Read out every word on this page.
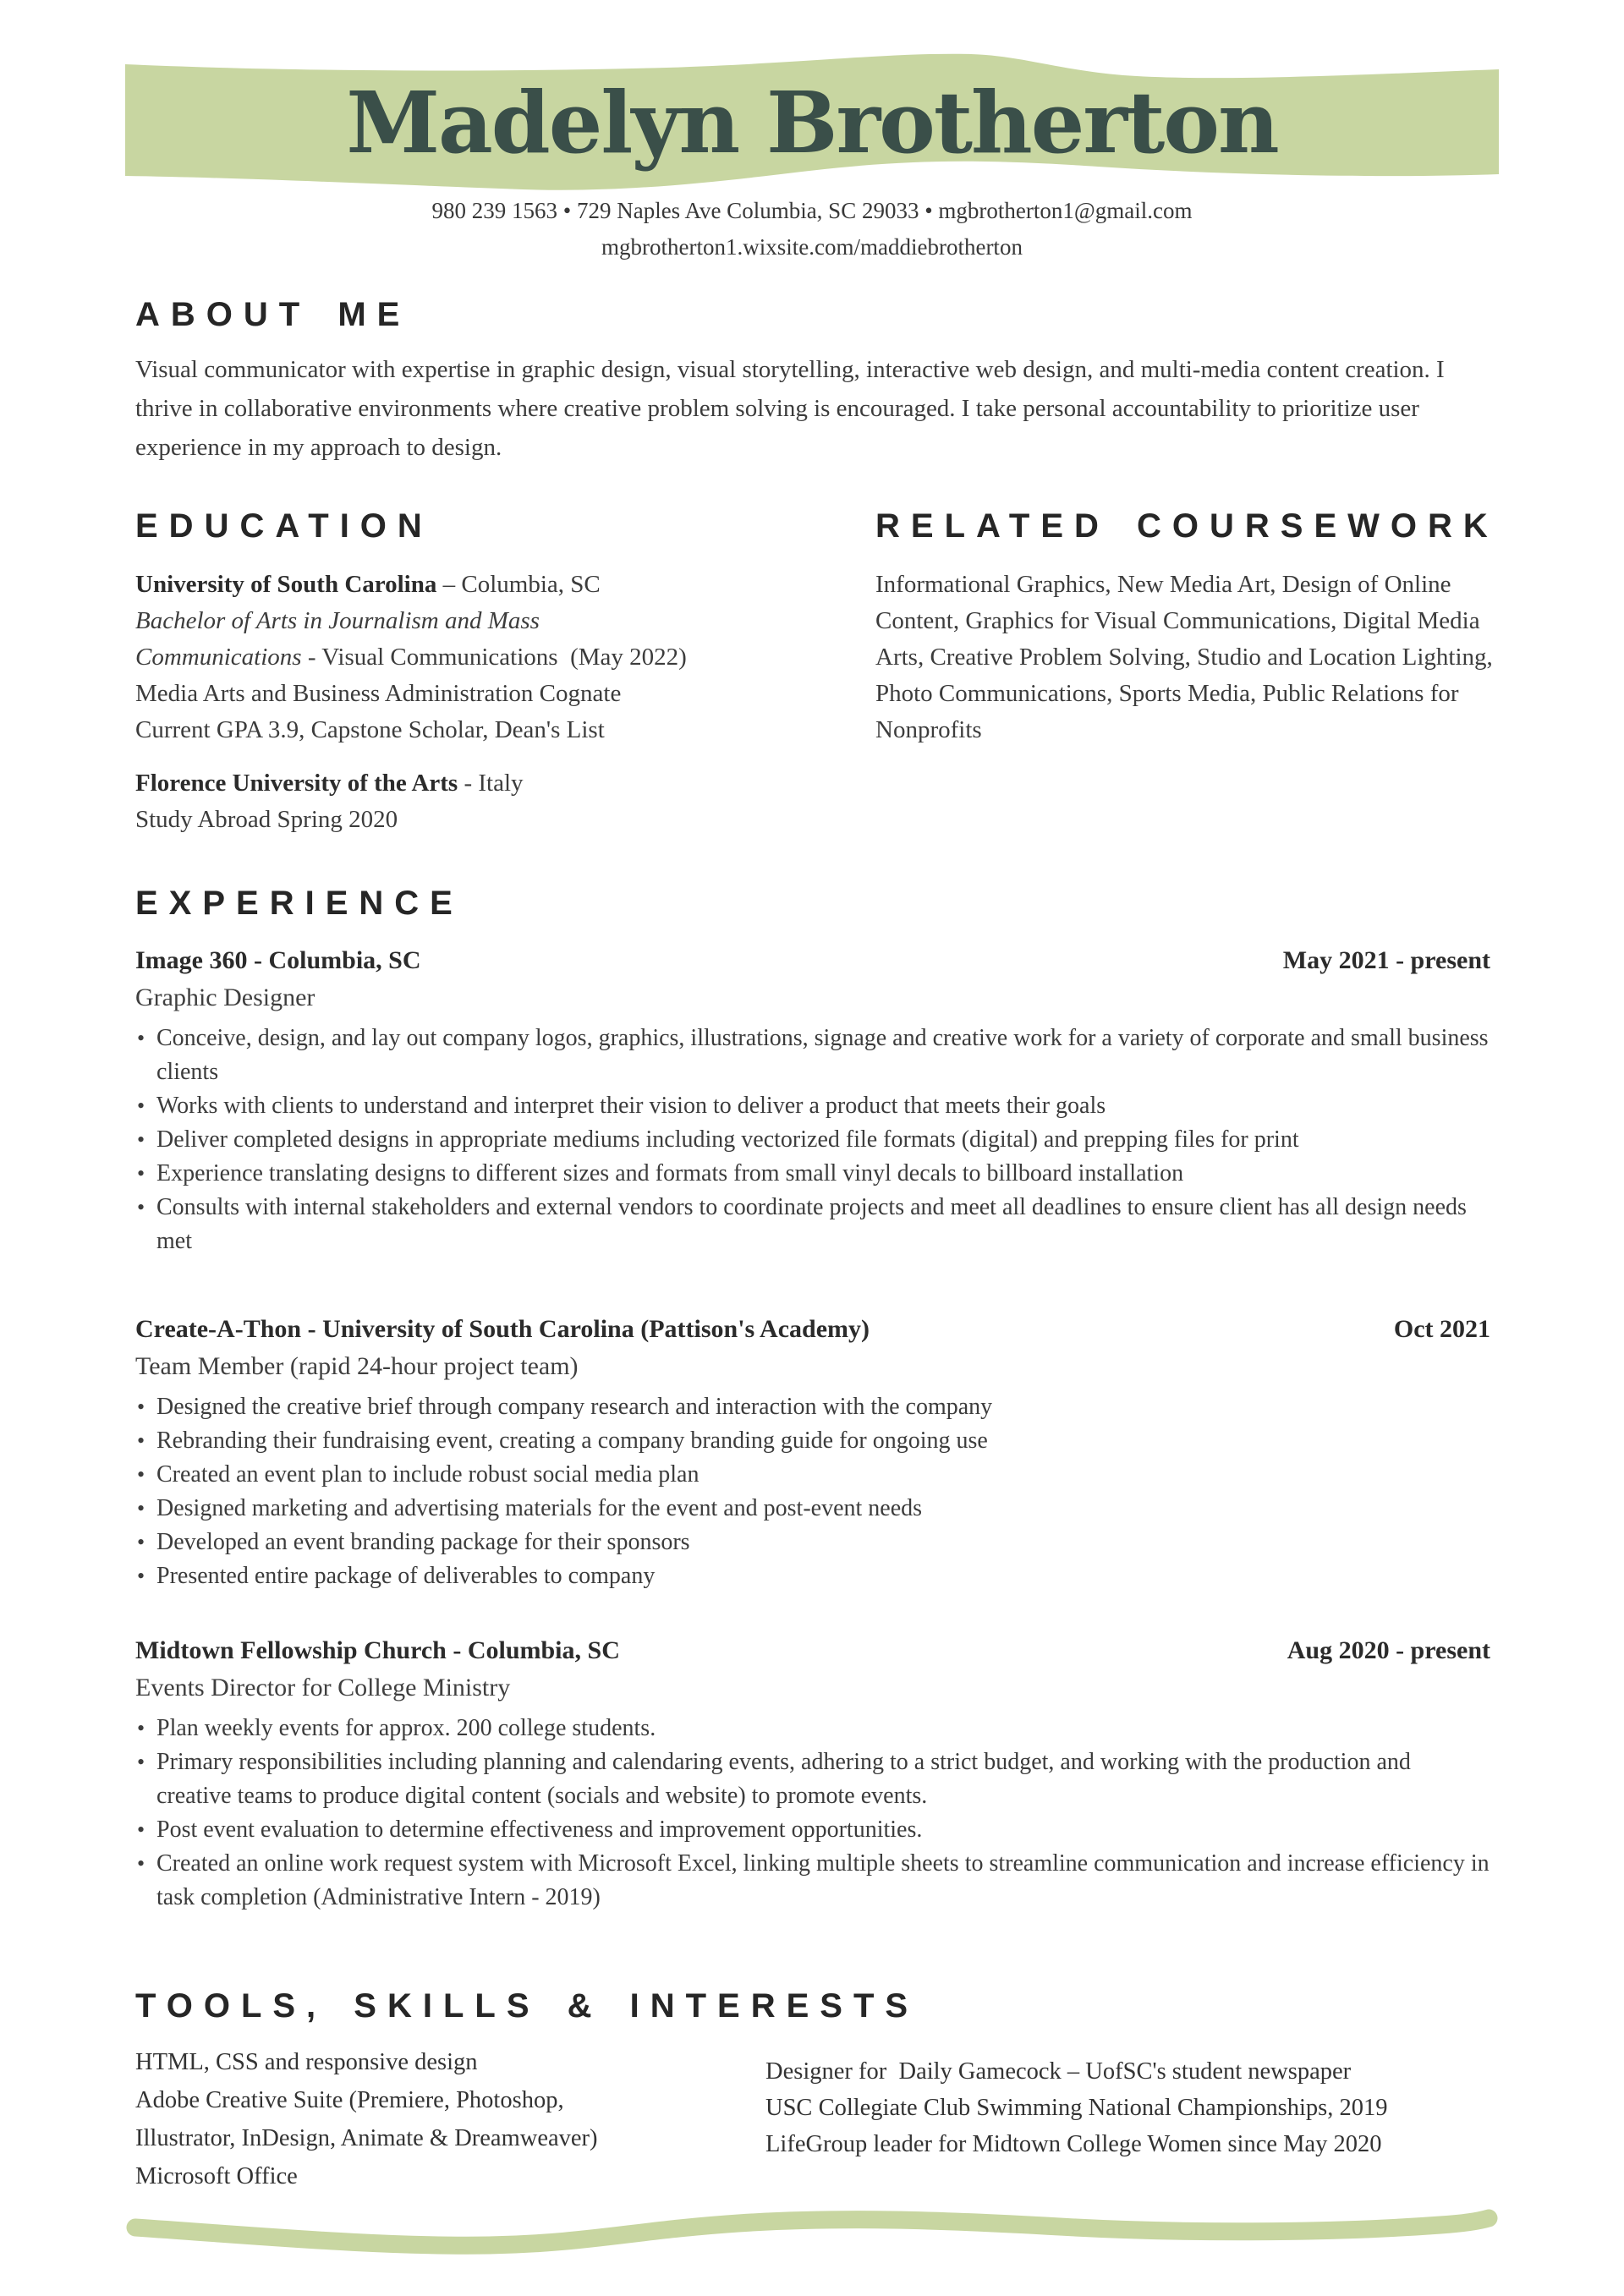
Madelyn Brotherton
980 239 1563 • 729 Naples Ave Columbia, SC 29033 • mgbrotherton1@gmail.com
mgbrotherton1.wixsite.com/maddiebrotherton
ABOUT ME

Visual communicator with expertise in graphic design, visual storytelling, interactive web design, and multi-media content creation. I thrive in collaborative environments where creative problem solving is encouraged. I take personal accountability to prioritize user experience in my approach to design.

EDUCATION
University of South Carolina – Columbia, SC
Bachelor of Arts in Journalism and Mass
Communications - Visual Communications  (May 2022)
Media Arts and Business Administration Cognate
Current GPA 3.9, Capstone Scholar, Dean's List
Florence University of the Arts - Italy
Study Abroad Spring 2020
RELATED COURSEWORK
Informational Graphics, New Media Art, Design of Online Content, Graphics for Visual Communications, Digital Media Arts, Creative Problem Solving, Studio and Location Lighting, Photo Communications, Sports Media, Public Relations for Nonprofits
EXPERIENCE
Image 360 - Columbia, SC	May 2021 - present
Graphic Designer
• Conceive, design, and lay out company logos, graphics, illustrations, signage and creative work for a variety of corporate and small business clients
• Works with clients to understand and interpret their vision to deliver a product that meets their goals
• Deliver completed designs in appropriate mediums including vectorized file formats (digital) and prepping files for print
• Experience translating designs to different sizes and formats from small vinyl decals to billboard installation
• Consults with internal stakeholders and external vendors to coordinate projects and meet all deadlines to ensure client has all design needs met
Create-A-Thon - University of South Carolina (Pattison's Academy)	Oct 2021
Team Member (rapid 24-hour project team)
• Designed the creative brief through company research and interaction with the company
• Rebranding their fundraising event, creating a company branding guide for ongoing use
• Created an event plan to include robust social media plan
• Designed marketing and advertising materials for the event and post-event needs
• Developed an event branding package for their sponsors
• Presented entire package of deliverables to company
Midtown Fellowship Church - Columbia, SC	Aug 2020 - present
Events Director for College Ministry
• Plan weekly events for approx. 200 college students.
• Primary responsibilities including planning and calendaring events, adhering to a strict budget, and working with the production and creative teams to produce digital content (socials and website) to promote events.
• Post event evaluation to determine effectiveness and improvement opportunities.
• Created an online work request system with Microsoft Excel, linking multiple sheets to streamline communication and increase efficiency in task completion (Administrative Intern - 2019)
TOOLS, SKILLS & INTERESTS
HTML, CSS and responsive design
Adobe Creative Suite (Premiere, Photoshop, Illustrator, InDesign, Animate & Dreamweaver)
Microsoft Office
Designer for  Daily Gamecock – UofSC's student newspaper
USC Collegiate Club Swimming National Championships, 2019
LifeGroup leader for Midtown College Women since May 2020
